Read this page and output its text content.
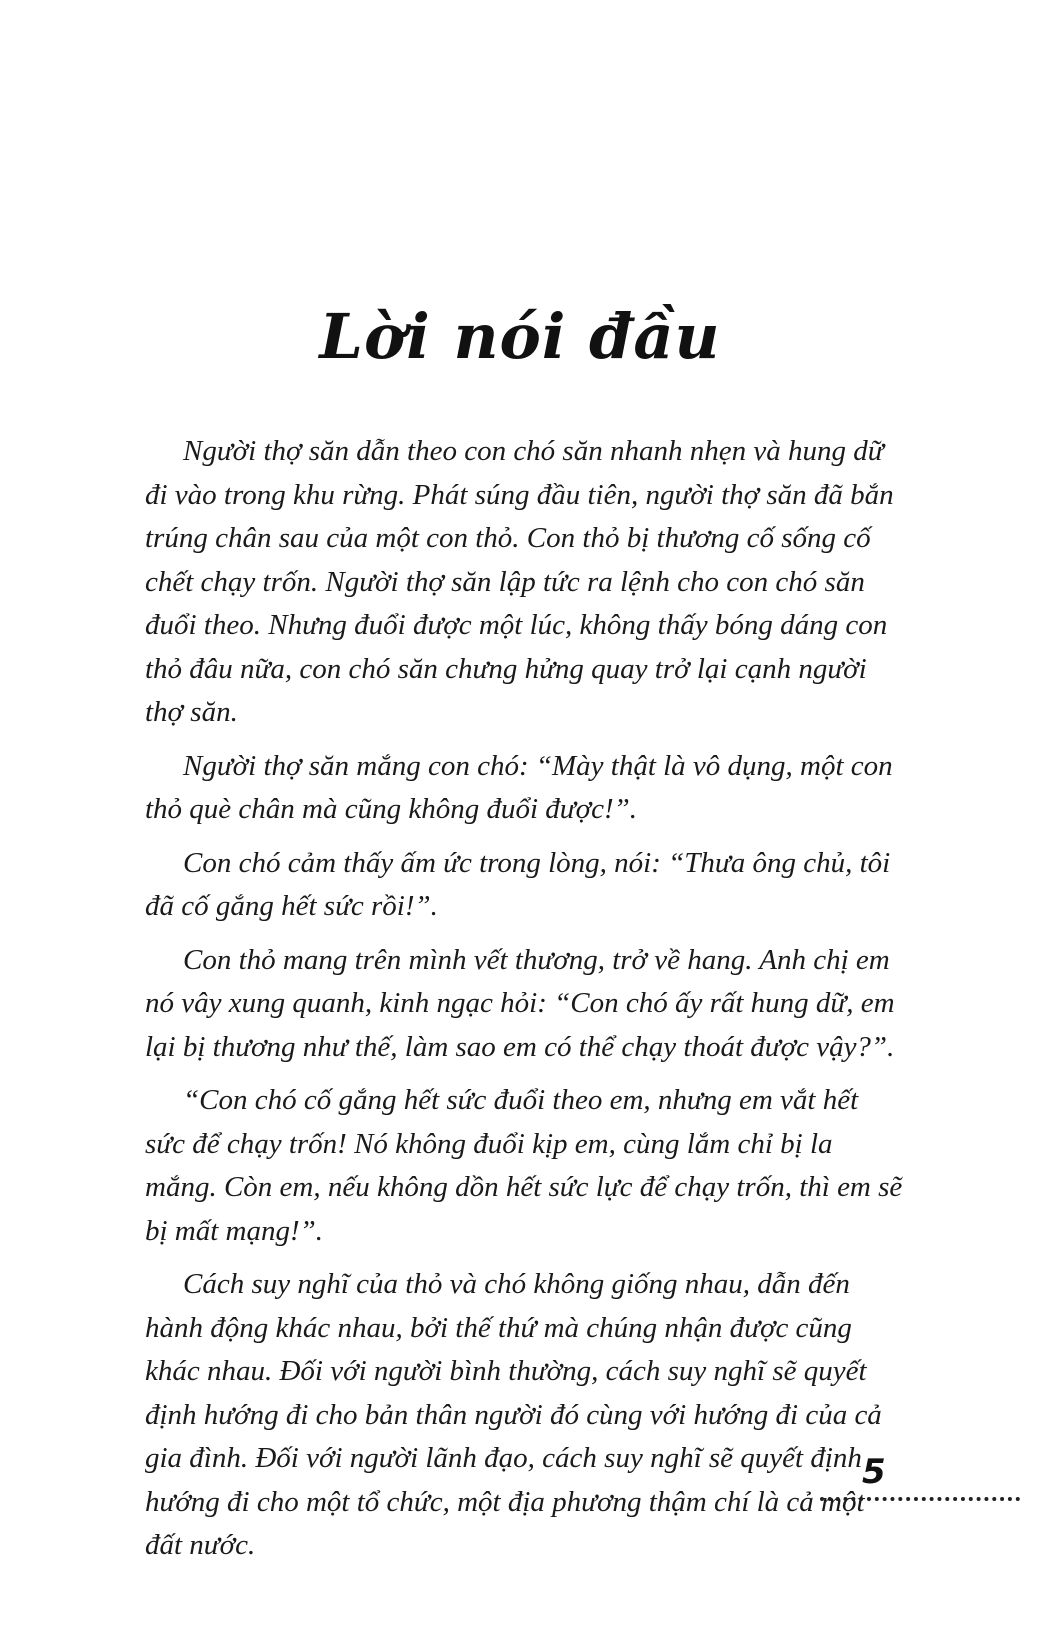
Lời nói đầu

Người thợ săn dẫn theo con chó săn nhanh nhẹn và hung dữ đi vào trong khu rừng. Phát súng đầu tiên, người thợ săn đã bắn trúng chân sau của một con thỏ. Con thỏ bị thương cố sống cố chết chạy trốn. Người thợ săn lập tức ra lệnh cho con chó săn đuổi theo. Nhưng đuổi được một lúc, không thấy bóng dáng con thỏ đâu nữa, con chó săn chưng hửng quay trở lại cạnh người thợ săn.

Người thợ săn mắng con chó: “Mày thật là vô dụng, một con thỏ què chân mà cũng không đuổi được!”.

Con chó cảm thấy ấm ức trong lòng, nói: “Thưa ông chủ, tôi đã cố gắng hết sức rồi!”.

Con thỏ mang trên mình vết thương, trở về hang. Anh chị em nó vây xung quanh, kinh ngạc hỏi: “Con chó ấy rất hung dữ, em lại bị thương như thế, làm sao em có thể chạy thoát được vậy?”.

“Con chó cố gắng hết sức đuổi theo em, nhưng em vắt hết sức để chạy trốn! Nó không đuổi kịp em, cùng lắm chỉ bị la mắng. Còn em, nếu không dồn hết sức lực để chạy trốn, thì em sẽ bị mất mạng!”.

Cách suy nghĩ của thỏ và chó không giống nhau, dẫn đến hành động khác nhau, bởi thế thứ mà chúng nhận được cũng khác nhau. Đối với người bình thường, cách suy nghĩ sẽ quyết định hướng đi cho bản thân người đó cùng với hướng đi của cả gia đình. Đối với người lãnh đạo, cách suy nghĩ sẽ quyết định hướng đi cho một tổ chức, một địa phương thậm chí là cả một đất nước.

5
